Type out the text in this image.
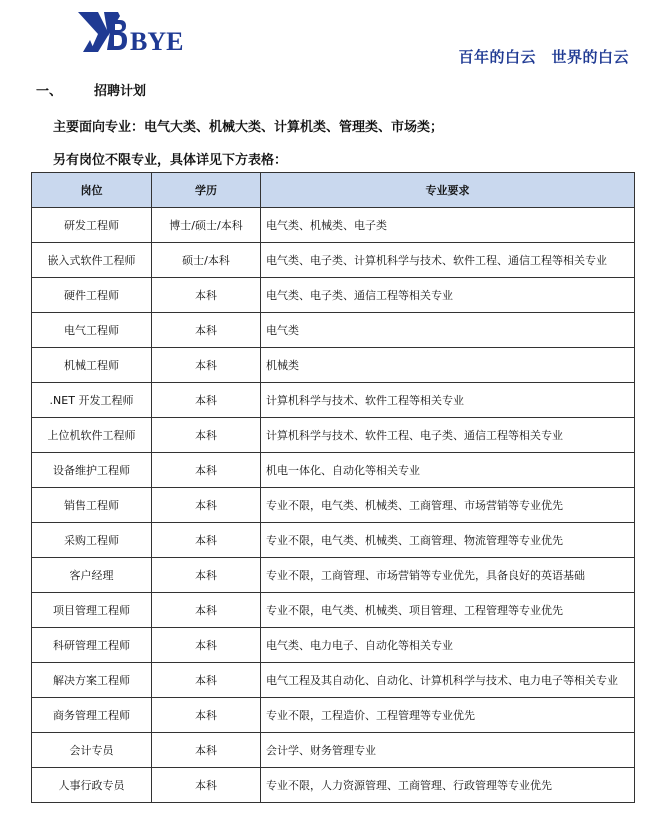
BYE
百年的白云　世界的白云
一、 招聘计划
主要面向专业：电气大类、机械大类、计算机类、管理类、市场类；
另有岗位不限专业，具体详见下方表格：
岗位	学历	专业要求
研发工程师	博士/硕士/本科	电气类、机械类、电子类
嵌入式软件工程师	硕士/本科	电气类、电子类、计算机科学与技术、软件工程、通信工程等相关专业
硬件工程师	本科	电气类、电子类、通信工程等相关专业
电气工程师	本科	电气类
机械工程师	本科	机械类
.NET 开发工程师	本科	计算机科学与技术、软件工程等相关专业
上位机软件工程师	本科	计算机科学与技术、软件工程、电子类、通信工程等相关专业
设备维护工程师	本科	机电一体化、自动化等相关专业
销售工程师	本科	专业不限，电气类、机械类、工商管理、市场营销等专业优先
采购工程师	本科	专业不限，电气类、机械类、工商管理、物流管理等专业优先
客户经理	本科	专业不限，工商管理、市场营销等专业优先，具备良好的英语基础
项目管理工程师	本科	专业不限，电气类、机械类、项目管理、工程管理等专业优先
科研管理工程师	本科	电气类、电力电子、自动化等相关专业
解决方案工程师	本科	电气工程及其自动化、自动化、计算机科学与技术、电力电子等相关专业
商务管理工程师	本科	专业不限，工程造价、工程管理等专业优先
会计专员	本科	会计学、财务管理专业
人事行政专员	本科	专业不限，人力资源管理、工商管理、行政管理等专业优先
